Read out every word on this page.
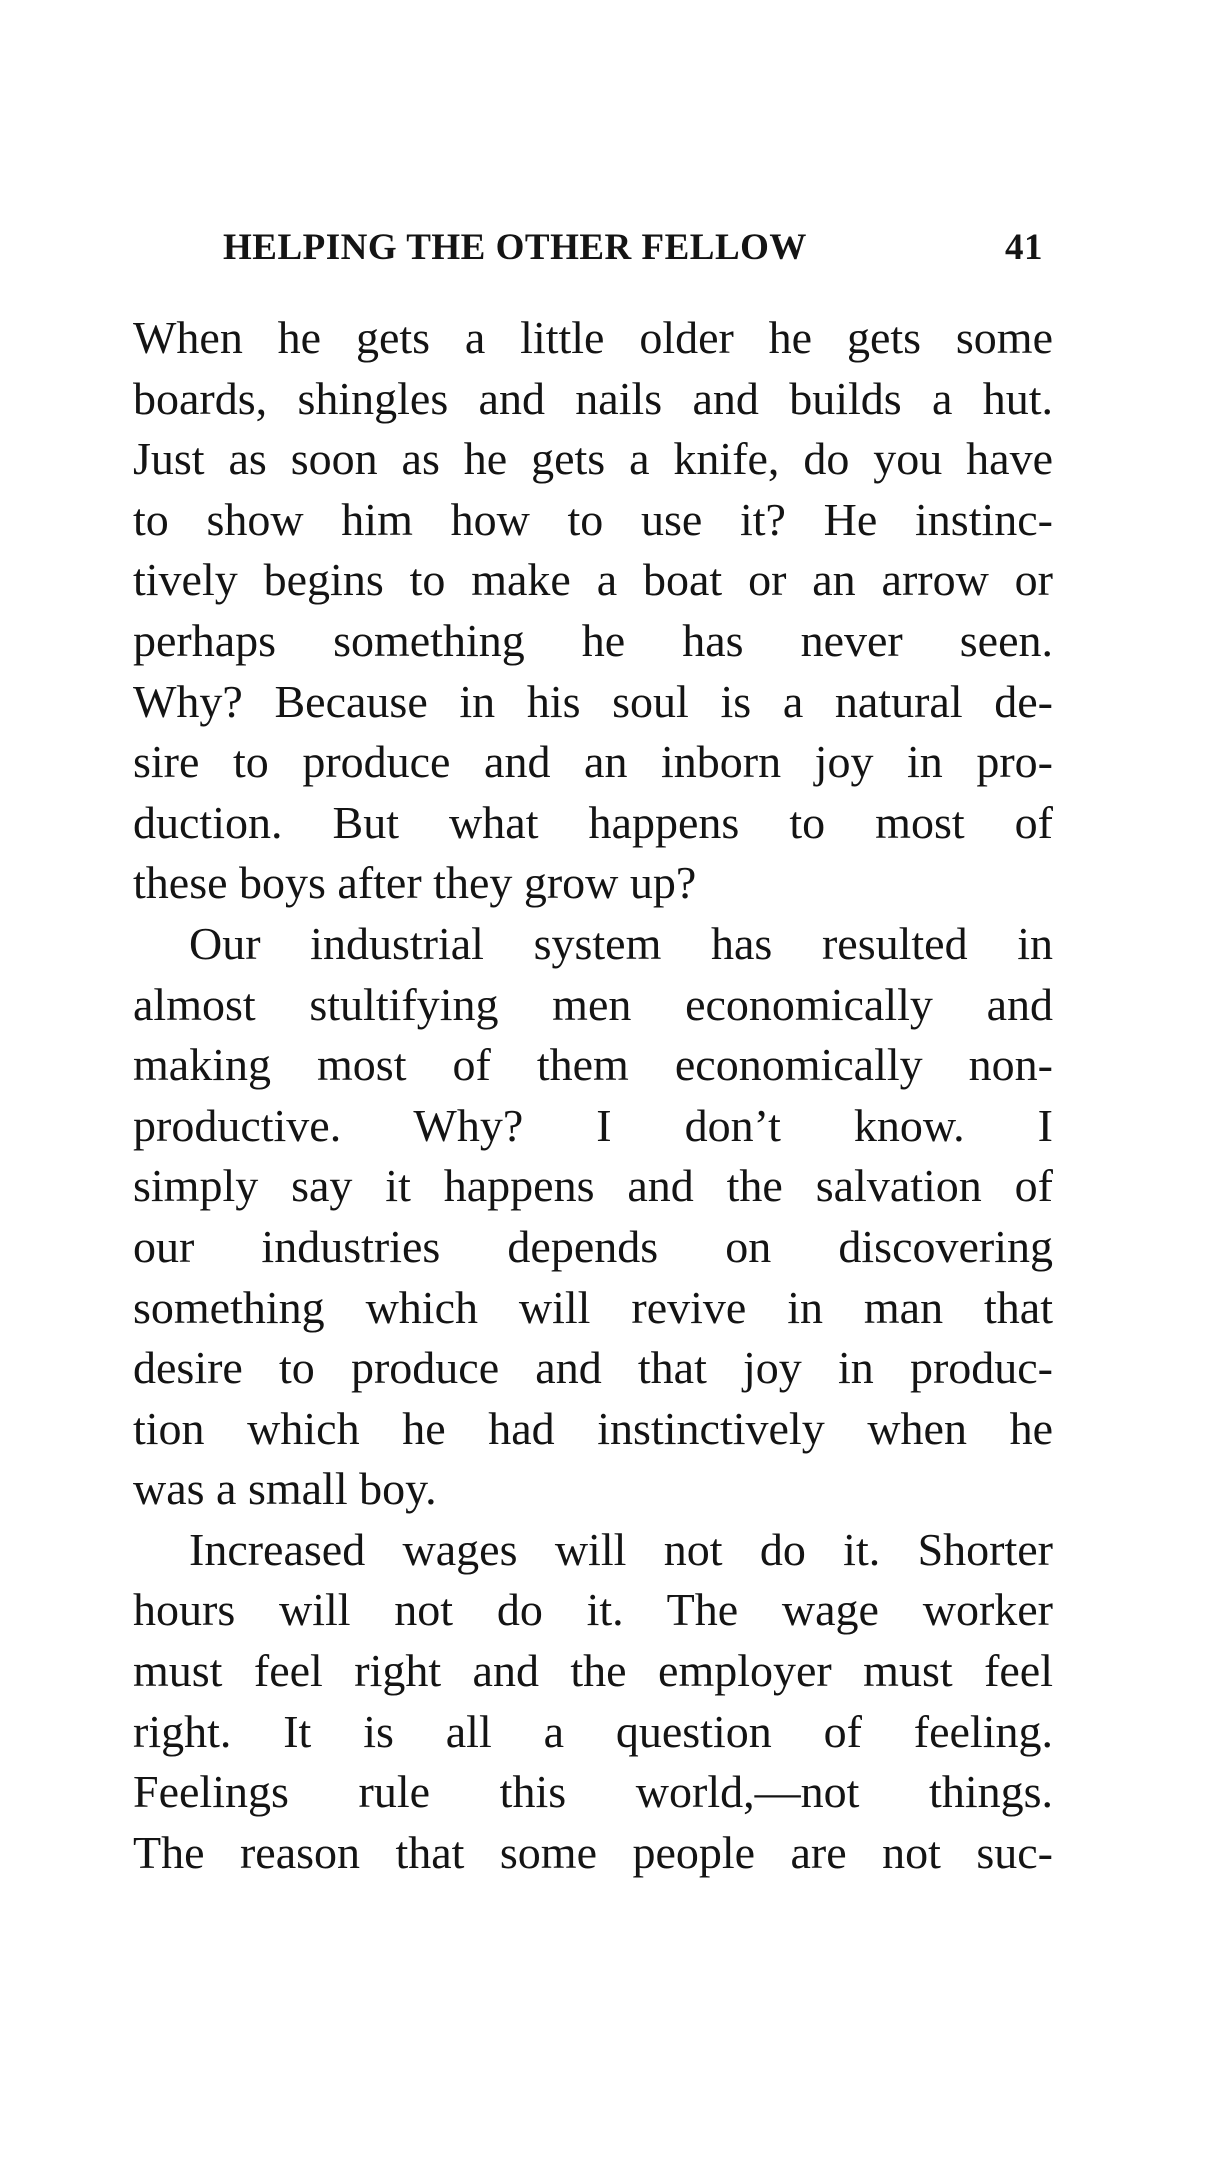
HELPING THE OTHER FELLOW	41
When he gets a little older he gets some
boards, shingles and nails and builds a hut.
Just as soon as he gets a knife, do you have
to show him how to use it? He instinc-
tively begins to make a boat or an arrow or
perhaps something he has never seen.
Why? Because in his soul is a natural de-
sire to produce and an inborn joy in pro-
duction. But what happens to most of
these boys after they grow up?
Our industrial system has resulted in
almost stultifying men economically and
making most of them economically non-
productive. Why? I don’t know. I
simply say it happens and the salvation of
our industries depends on discovering
something which will revive in man that
desire to produce and that joy in produc-
tion which he had instinctively when he
was a small boy.
Increased wages will not do it. Shorter
hours will not do it. The wage worker
must feel right and the employer must feel
right. It is all a question of feeling.
Feelings rule this world,—not things.
The reason that some people are not suc-
